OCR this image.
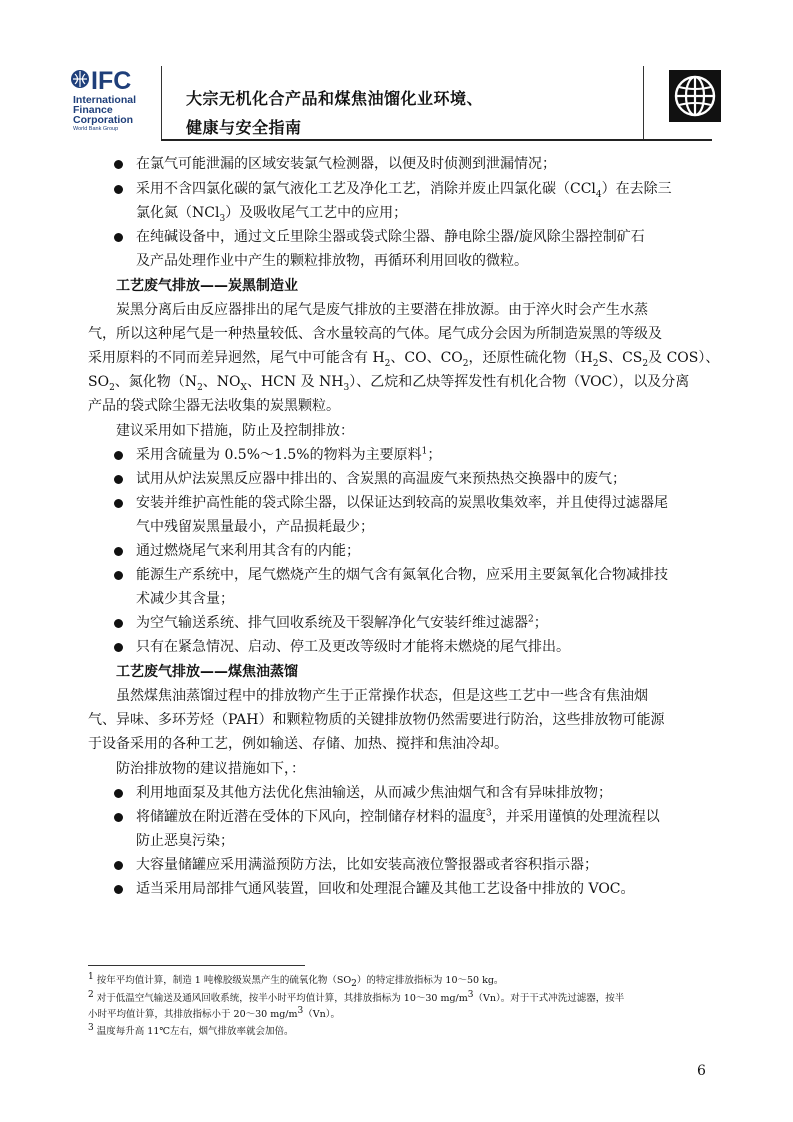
IFC
International
Finance
Corporation
World Bank Group
大宗无机化合产品和煤焦油馏化业环境、
健康与安全指南
在氯气可能泄漏的区域安装氯气检测器，以便及时侦测到泄漏情况；
采用不含四氯化碳的氯气液化工艺及净化工艺，消除并废止四氯化碳（CCl$_4$）在去除三
氯化氮（NCl$_3$）及吸收尾气工艺中的应用；
在纯碱设备中，通过文丘里除尘器或袋式除尘器、静电除尘器/旋风除尘器控制矿石
及产品处理作业中产生的颗粒排放物，再循环利用回收的微粒。
工艺废气排放——炭黑制造业
炭黑分离后由反应器排出的尾气是废气排放的主要潜在排放源。由于淬火时会产生水蒸
气，所以这种尾气是一种热量较低、含水量较高的气体。尾气成分会因为所制造炭黑的等级及
采用原料的不同而差异迥然，尾气中可能含有 $H_2$、CO、$CO_2$，还原性硫化物（$H_2S$、$CS_2$及 COS）、
$SO_2$、氮化物（$N_2$、$NO_X$、HCN 及 $NH_3$）、乙烷和乙炔等挥发性有机化合物（VOC），以及分离
产品的袋式除尘器无法收集的炭黑颗粒。
建议采用如下措施，防止及控制排放：
采用含硫量为 0.5%～1.5%的物料为主要原料$^1$；
试用从炉法炭黑反应器中排出的、含炭黑的高温废气来预热热交换器中的废气；
安装并维护高性能的袋式除尘器，以保证达到较高的炭黑收集效率，并且使得过滤器尾
气中残留炭黑量最小，产品损耗最少；
通过燃烧尾气来利用其含有的内能；
能源生产系统中，尾气燃烧产生的烟气含有氮氧化合物，应采用主要氮氧化合物减排技
术减少其含量；
为空气输送系统、排气回收系统及干裂解净化气安装纤维过滤器$^2$；
只有在紧急情况、启动、停工及更改等级时才能将未燃烧的尾气排出。
工艺废气排放——煤焦油蒸馏
虽然煤焦油蒸馏过程中的排放物产生于正常操作状态，但是这些工艺中一些含有焦油烟
气、异味、多环芳烃（PAH）和颗粒物质的关键排放物仍然需要进行防治，这些排放物可能源
于设备采用的各种工艺，例如输送、存储、加热、搅拌和焦油冷却。
防治排放物的建议措施如下，：
利用地面泵及其他方法优化焦油输送，从而减少焦油烟气和含有异味排放物；
将储罐放在附近潜在受体的下风向，控制储存材料的温度$^3$，并采用谨慎的处理流程以
防止恶臭污染；
大容量储罐应采用满溢预防方法，比如安装高液位警报器或者容积指示器；
适当采用局部排气通风装置，回收和处理混合罐及其他工艺设备中排放的 VOC。
$^1$ 按年平均值计算，制造 1 吨橡胶级炭黑产生的硫氧化物$(SO_2)$的特定排放指标为 10～50 kg。
$^2$ 对于低温空气输送及通风回收系统，按半小时平均值计算，其排放指标为 10～30 $mg/m^3(Vn)$。对于干式冲洗过滤器，按半
小时平均值计算，其排放指标小于 20～30 $mg/m^3(Vn)$。
$^3$ 温度每升高 11℃左右，烟气排放率就会加倍。
6
